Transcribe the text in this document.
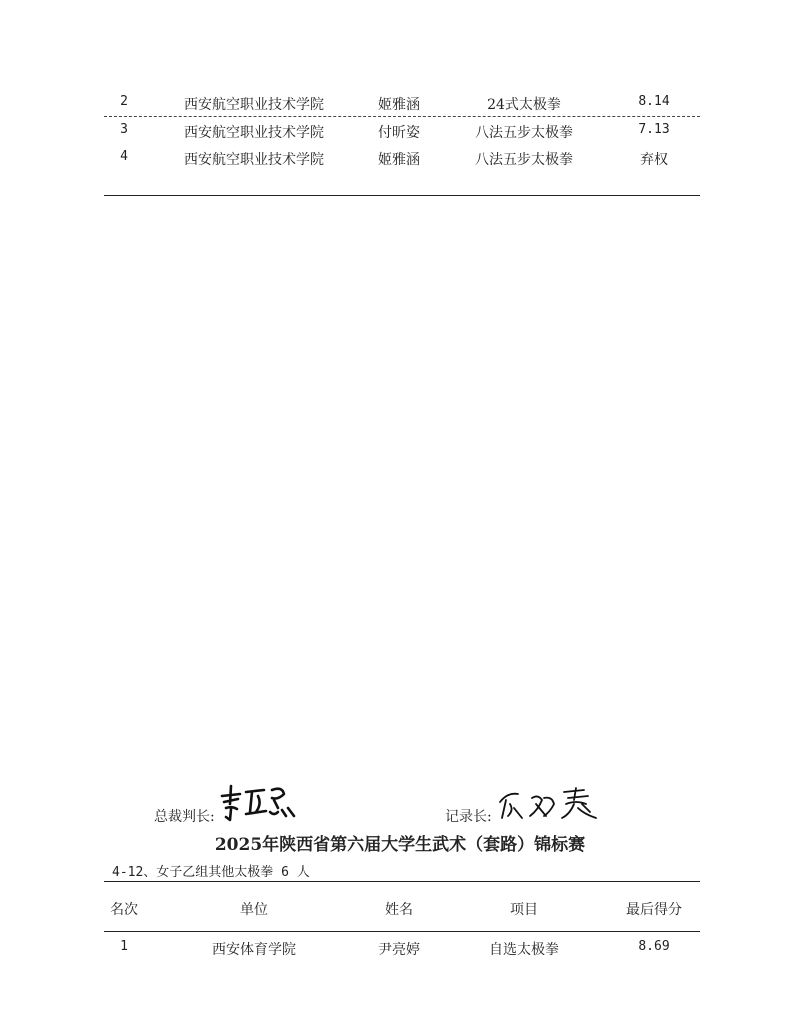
2	西安航空职业技术学院	姬雅涵	24式太极拳	8.14
3	西安航空职业技术学院	付昕姿	八法五步太极拳	7.13
4	西安航空职业技术学院	姬雅涵	八法五步太极拳	弃权
总裁判长:	记录长:
2025年陕西省第六届大学生武术（套路）锦标赛
4-12、女子乙组其他太极拳 6 人
名次	单位	姓名	项目	最后得分
1	西安体育学院	尹亮婷	自选太极拳	8.69
